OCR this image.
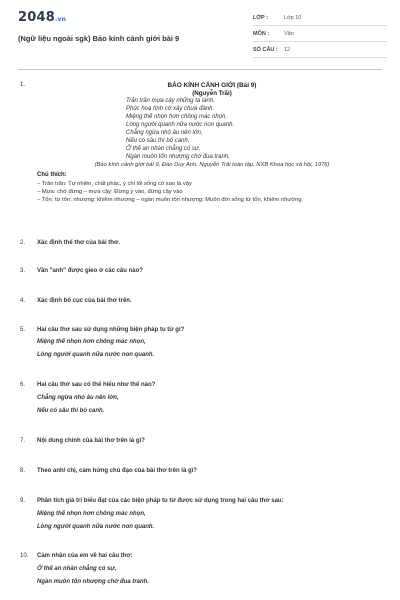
2048.vn
(Ngữ liệu ngoài sgk) Bảo kính cảnh giới bài 9
LỚP :	Lớp 10
MÔN :	Văn
SỐ CÂU : 12
1.	BẢO KÍNH CẢNH GIỚI (Bài 9)
(Nguyễn Trãi)
Trăn trăn mựa cậy những ta lành,
Phúc hoạ tình cờ xảy chưa đành.
Miệng thế nhọn hơn chông mác nhọn,
Lòng người quanh nữa nước non quanh.
Chẳng ngừa nhỏ âu nên lớn,
Nếu có sâu thì bỏ canh.
Ở thế an nhàn chẳng có sự,
Ngàn muôn tốn nhượng chớ đua tranh.
(Bảo kính cảnh giới bài 9, Đào Duy Anh, Nguyễn Trãi toàn tập, NXB Khoa học xã hội, 1976)
Chú thích:
– Trăn trăn: Tự nhiên, chất phác, ý chỉ lối sống có sao là vậy
– Mựa: chớ đừng – mựa cậy: Đừng ỷ vào, đừng cậy vào
– Tốn: từ tốn; nhượng: khiêm nhượng – ngàn muôn tốn nhượng: Muôn đời sống từ tốn, khiêm nhường
2. Xác định thể thơ của bài thơ.
3. Vần "anh" được gieo ở các câu nào?
4. Xác định bố cục của bài thơ trên.
5. Hai câu thơ sau sử dụng những biện pháp tu từ gì?
Miệng thế nhọn hơn chông mác nhọn,
Lòng người quanh nữa nước non quanh.
6. Hai câu thơ sau có thể hiểu như thế nào?
Chẳng ngừa nhỏ âu nên lớn,
Nếu có sâu thì bỏ canh.
7. Nội dung chính của bài thơ trên là gì?
8. Theo anh/ chị, cảm hứng chủ đạo của bài thơ trên là gì?
9. Phân tích giá trị biểu đạt của các biện pháp tu từ được sử dụng trong hai câu thơ sau:
Miệng thế nhọn hơn chông mác nhọn,
Lòng người quanh nữa nước non quanh.
10. Cảm nhận của em về hai câu thơ:
Ở thế an nhàn chẳng có sự,
Ngàn muôn tốn nhượng chớ đua tranh.
